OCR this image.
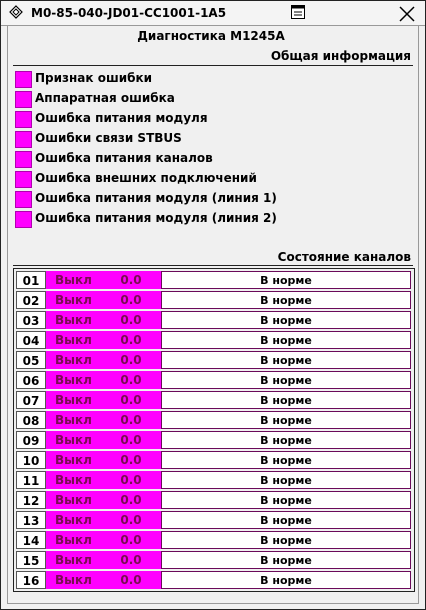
M0-85-040-JD01-CC1001-1A5
Диагностика M1245A
Общая информация
Признак ошибки
Аппаратная ошибка
Ошибка питания модуля
Ошибки связи STBUS
Ошибка питания каналов
Ошибка внешних подключений
Ошибка питания модуля (линия 1)
Ошибка питания модуля (линия 2)
Состояние каналов
01	Выкл	0.0	В норме
02	Выкл	0.0	В норме
03	Выкл	0.0	В норме
04	Выкл	0.0	В норме
05	Выкл	0.0	В норме
06	Выкл	0.0	В норме
07	Выкл	0.0	В норме
08	Выкл	0.0	В норме
09	Выкл	0.0	В норме
10	Выкл	0.0	В норме
11	Выкл	0.0	В норме
12	Выкл	0.0	В норме
13	Выкл	0.0	В норме
14	Выкл	0.0	В норме
15	Выкл	0.0	В норме
16	Выкл	0.0	В норме
